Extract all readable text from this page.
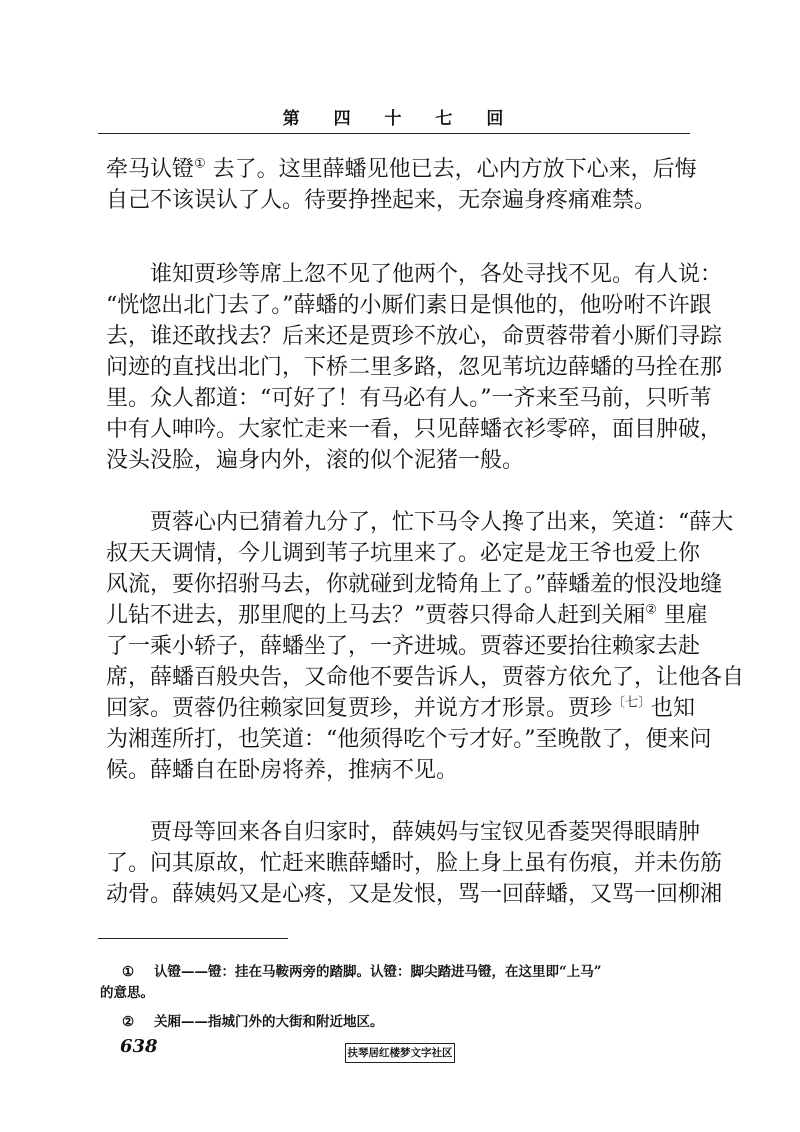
第 四 十 七 回
牵马认镫① 去了。这里薛蟠见他已去，心内方放下心来，后悔
自己不该误认了人。待要挣挫起来，无奈遍身疼痛难禁。
　　谁知贾珍等席上忽不见了他两个，各处寻找不见。有人说：
“恍惚出北门去了。”薛蟠的小厮们素日是惧他的，他吩咐不许跟
去，谁还敢找去？后来还是贾珍不放心，命贾蓉带着小厮们寻踪
问迹的直找出北门，下桥二里多路，忽见苇坑边薛蟠的马拴在那
里。众人都道：“可好了！有马必有人。”一齐来至马前，只听苇
中有人呻吟。大家忙走来一看，只见薛蟠衣衫零碎，面目肿破，
没头没脸，遍身内外，滚的似个泥猪一般。
　　贾蓉心内已猜着九分了，忙下马令人搀了出来，笑道：“薛大
叔天天调情，今儿调到苇子坑里来了。必定是龙王爷也爱上你
风流，要你招驸马去，你就碰到龙犄角上了。”薛蟠羞的恨没地缝
儿钻不进去，那里爬的上马去？”贾蓉只得命人赶到关厢② 里雇
了一乘小轿子，薛蟠坐了，一齐进城。贾蓉还要抬往赖家去赴
席，薛蟠百般央告，又命他不要告诉人，贾蓉方依允了，让他各自
回家。贾蓉仍往赖家回复贾珍，并说方才形景。贾珍$^{〔七〕}$也知
为湘莲所打，也笑道：“他须得吃个亏才好。”至晚散了，便来问
候。薛蟠自在卧房将养，推病不见。
　　贾母等回来各自归家时，薛姨妈与宝钗见香菱哭得眼睛肿
了。问其原故，忙赶来瞧薛蟠时，脸上身上虽有伤痕，并未伤筋
动骨。薛姨妈又是心疼，又是发恨，骂一回薛蟠，又骂一回柳湘
① 认镫——镫：挂在马鞍两旁的踏脚。认镫：脚尖踏进马镫，在这里即“上马”
的意思。
② 关厢——指城门外的大街和附近地区。
638	扶琴居红楼梦文字社区
